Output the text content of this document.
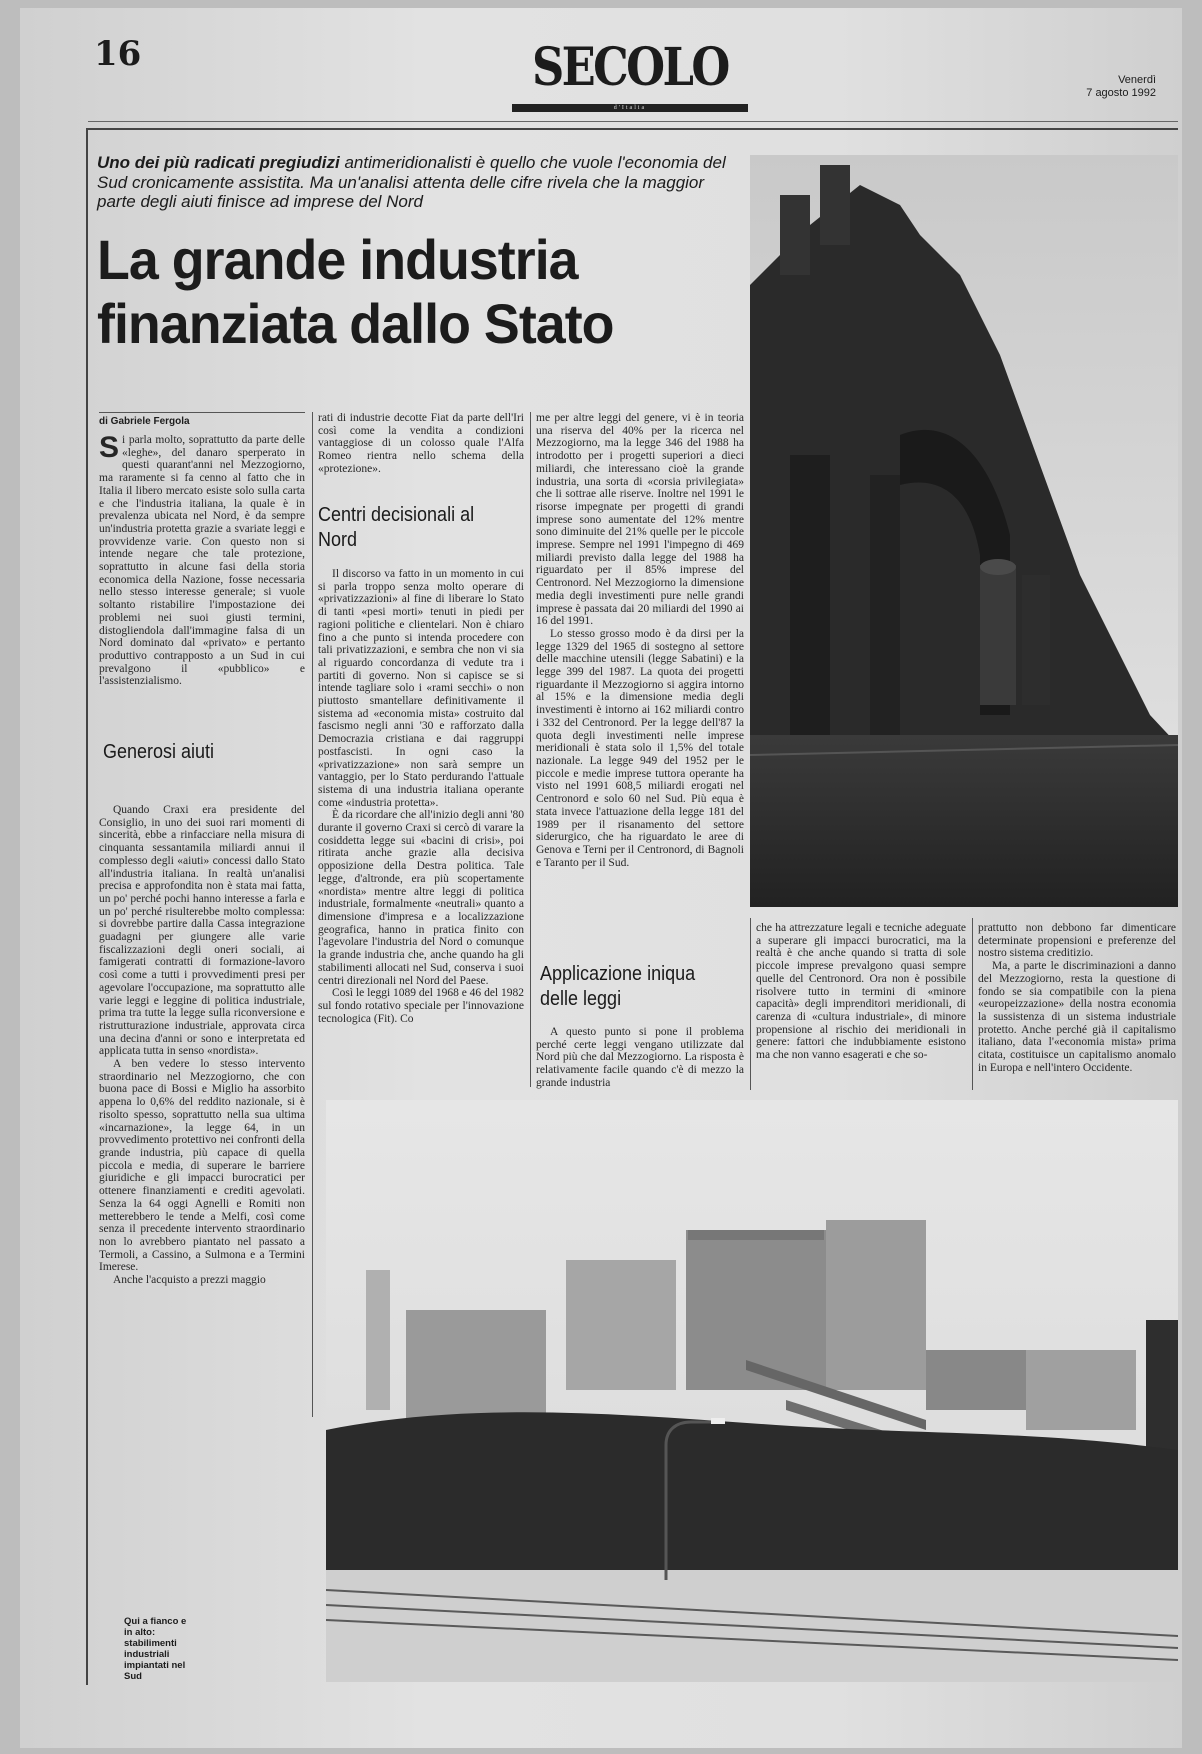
16	SECOLO
d'Italia
Venerdì
7 agosto 1992
Uno dei più radicati pregiudizi antimeridionalisti è quello che vuole l'economia del Sud cronicamente assistita. Ma un'analisi attenta delle cifre rivela che la maggior parte degli aiuti finisce ad imprese del Nord
La grande industria
finanziata dallo Stato
di Gabriele Fergola

Si parla molto, soprattutto da parte delle «leghe», del danaro sperperato in questi quarant'anni nel Mezzogiorno, ma raramente si fa cenno al fatto che in Italia il libero mercato esiste solo sulla carta e che l'industria italiana, la quale è in prevalenza ubicata nel Nord, è da sempre un'industria protetta grazie a svariate leggi e provvidenze varie. Con questo non si intende negare che tale protezione, soprattutto in alcune fasi della storia economica della Nazione, fosse necessaria nello stesso interesse generale; si vuole soltanto ristabilire l'impostazione dei problemi nei suoi giusti termini, distogliendola dall'immagine falsa di un Nord dominato dal «privato» e pertanto produttivo contrapposto a un Sud in cui prevalgono il «pubblico» e l'assistenzialismo.

Generosi aiuti

Quando Craxi era presidente del Consiglio, in uno dei suoi rari momenti di sincerità, ebbe a rinfacciare nella misura di cinquanta sessantamila miliardi annui il complesso degli «aiuti» concessi dallo Stato all'industria italiana. In realtà un'analisi precisa e approfondita non è stata mai fatta, un po' perché pochi hanno interesse a farla e un po' perché risulterebbe molto complessa: si dovrebbe partire dalla Cassa integrazione guadagni per giungere alle varie fiscalizzazioni degli oneri sociali, ai famigerati contratti di formazione-lavoro così come a tutti i provvedimenti presi per agevolare l'occupazione, ma soprattutto alle varie leggi e leggine di politica industriale, prima tra tutte la legge sulla riconversione e ristrutturazione industriale, approvata circa una decina d'anni or sono e interpretata ed applicata tutta in senso «nordista».

A ben vedere lo stesso intervento straordinario nel Mezzogiorno, che con buona pace di Bossi e Miglio ha assorbito appena lo 0,6% del reddito nazionale, si è risolto spesso, soprattutto nella sua ultima «incarnazione», la legge 64, in un provvedimento protettivo nei confronti della grande industria, più capace di quella piccola e media, di superare le barriere giuridiche e gli impacci burocratici per ottenere finanziamenti e crediti agevolati. Senza la 64 oggi Agnelli e Romiti non metterebbero le tende a Melfi, così come senza il precedente intervento straordinario non lo avrebbero piantato nel passato a Termoli, a Cassino, a Sulmona e a Termini Imerese.

Anche l'acquisto a prezzi maggio

rati di industrie decotte Fiat da parte dell'Iri così come la vendita a condizioni vantaggiose di un colosso quale l'Alfa Romeo rientra nello schema della «protezione».

Centri decisionali al Nord

Il discorso va fatto in un momento in cui si parla troppo senza molto operare di «privatizzazioni» al fine di liberare lo Stato di tanti «pesi morti» tenuti in piedi per ragioni politiche e clientelari. Non è chiaro fino a che punto si intenda procedere con tali privatizzazioni, e sembra che non vi sia al riguardo concordanza di vedute tra i partiti di governo. Non si capisce se si intende tagliare solo i «rami secchi» o non piuttosto smantellare definitivamente il sistema ad «economia mista» costruito dal fascismo negli anni '30 e rafforzato dalla Democrazia cristiana e dai raggruppi postfascisti. In ogni caso la «privatizzazione» non sarà sempre un vantaggio, per lo Stato perdurando l'attuale sistema di una industria italiana operante come «industria protetta».

È da ricordare che all'inizio degli anni '80 durante il governo Craxi si cercò di varare la cosiddetta legge sui «bacini di crisi», poi ritirata anche grazie alla decisiva opposizione della Destra politica. Tale legge, d'altronde, era più scopertamente «nordista» mentre altre leggi di politica industriale, formalmente «neutrali» quanto a dimensione d'impresa e a localizzazione geografica, hanno in pratica finito con l'agevolare l'industria del Nord o comunque la grande industria che, anche quando ha gli stabilimenti allocati nel Sud, conserva i suoi centri direzionali nel Nord del Paese.

Così le leggi 1089 del 1968 e 46 del 1982 sul fondo rotativo speciale per l'innovazione tecnologica (Fit). Co

me per altre leggi del genere, vi è in teoria una riserva del 40% per la ricerca nel Mezzogiorno, ma la legge 346 del 1988 ha introdotto per i progetti superiori a dieci miliardi, che interessano cioè la grande industria, una sorta di «corsia privilegiata» che li sottrae alle riserve. Inoltre nel 1991 le risorse impegnate per progetti di grandi imprese sono aumentate del 12% mentre sono diminuite del 21% quelle per le piccole imprese. Sempre nel 1991 l'impegno di 469 miliardi previsto dalla legge del 1988 ha riguardato per il 85% imprese del Centronord. Nel Mezzogiorno la dimensione media degli investimenti pure nelle grandi imprese è passata dai 20 miliardi del 1990 ai 16 del 1991.

Lo stesso grosso modo è da dirsi per la legge 1329 del 1965 di sostegno al settore delle macchine utensili (legge Sabatini) e la legge 399 del 1987. La quota dei progetti riguardante il Mezzogiorno si aggira intorno al 15% e la dimensione media degli investimenti è intorno ai 162 miliardi contro i 332 del Centronord. Per la legge dell'87 la quota degli investimenti nelle imprese meridionali è stata solo il 1,5% del totale nazionale. La legge 949 del 1952 per le piccole e medie imprese tuttora operante ha visto nel 1991 608,5 miliardi erogati nel Centronord e solo 60 nel Sud. Più equa è stata invece l'attuazione della legge 181 del 1989 per il risanamento del settore siderurgico, che ha riguardato le aree di Genova e Terni per il Centronord, di Bagnoli e Taranto per il Sud.

Applicazione iniqua delle leggi

A questo punto si pone il problema perché certe leggi vengano utilizzate dal Nord più che dal Mezzogiorno. La risposta è relativamente facile quando c'è di mezzo la grande industria

che ha attrezzature legali e tecniche adeguate a superare gli impacci burocratici, ma la realtà è che anche quando si tratta di sole piccole imprese prevalgono quasi sempre quelle del Centronord. Ora non è possibile risolvere tutto in termini di «minore capacità» degli imprenditori meridionali, di carenza di «cultura industriale», di minore propensione al rischio dei meridionali in genere: fattori che indubbiamente esistono ma che non vanno esagerati e che so-

prattutto non debbono far dimenticare determinate propensioni e preferenze del nostro sistema creditizio.

Ma, a parte le discriminazioni a danno del Mezzogiorno, resta la questione di fondo se sia compatibile con la piena «europeizzazione» della nostra economia la sussistenza di un sistema industriale protetto. Anche perché già il capitalismo italiano, data l'«economia mista» prima citata, costituisce un capitalismo anomalo in Europa e nell'intero Occidente.

Qui a fianco e in alto: stabilimenti industriali impiantati nel Sud
